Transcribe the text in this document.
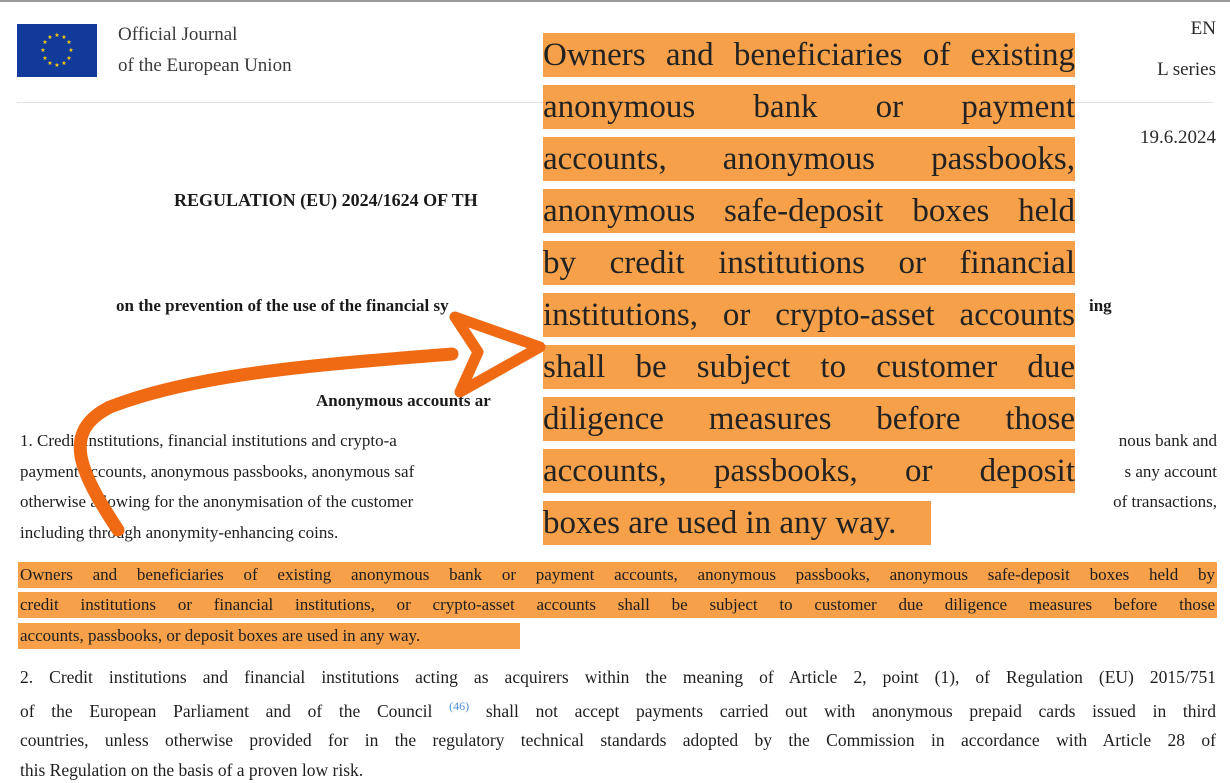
★ ★
★
★
★
★
★
★
★
★
★
★	Official Journal
of the European Union
EN
L series
19.6.2024
REGULATION (EU) 2024/1624 OF TH
on the prevention of the use of the financial sy	ing
Anonymous accounts ar
1. Credit institutions, financial institutions and crypto-a	nous bank and
payment accounts, anonymous passbooks, anonymous saf	s any account
otherwise allowing for the anonymisation of the customer	of transactions,
including through anonymity-enhancing coins.
Owners and beneficiaries of existing anonymous bank or payment accounts, anonymous passbooks, anonymous safe-deposit boxes held by
credit institutions or financial institutions, or crypto-asset accounts shall be subject to customer due diligence measures before those
accounts, passbooks, or deposit boxes are used in any way.
2. Credit institutions and financial institutions acting as acquirers within the meaning of Article 2, point (1), of Regulation (EU) 2015/751
of the European Parliament and of the Council $^{(46)}$ shall not accept payments carried out with anonymous prepaid cards issued in third
countries, unless otherwise provided for in the regulatory technical standards adopted by the Commission in accordance with Article 28 of
this Regulation on the basis of a proven low risk.
Owners and beneficiaries of existing
anonymous bank or payment
accounts, anonymous passbooks,
anonymous safe-deposit boxes held
by credit institutions or financial
institutions, or crypto-asset accounts
shall be subject to customer due
diligence measures before those
accounts, passbooks, or deposit
boxes are used in any way.
